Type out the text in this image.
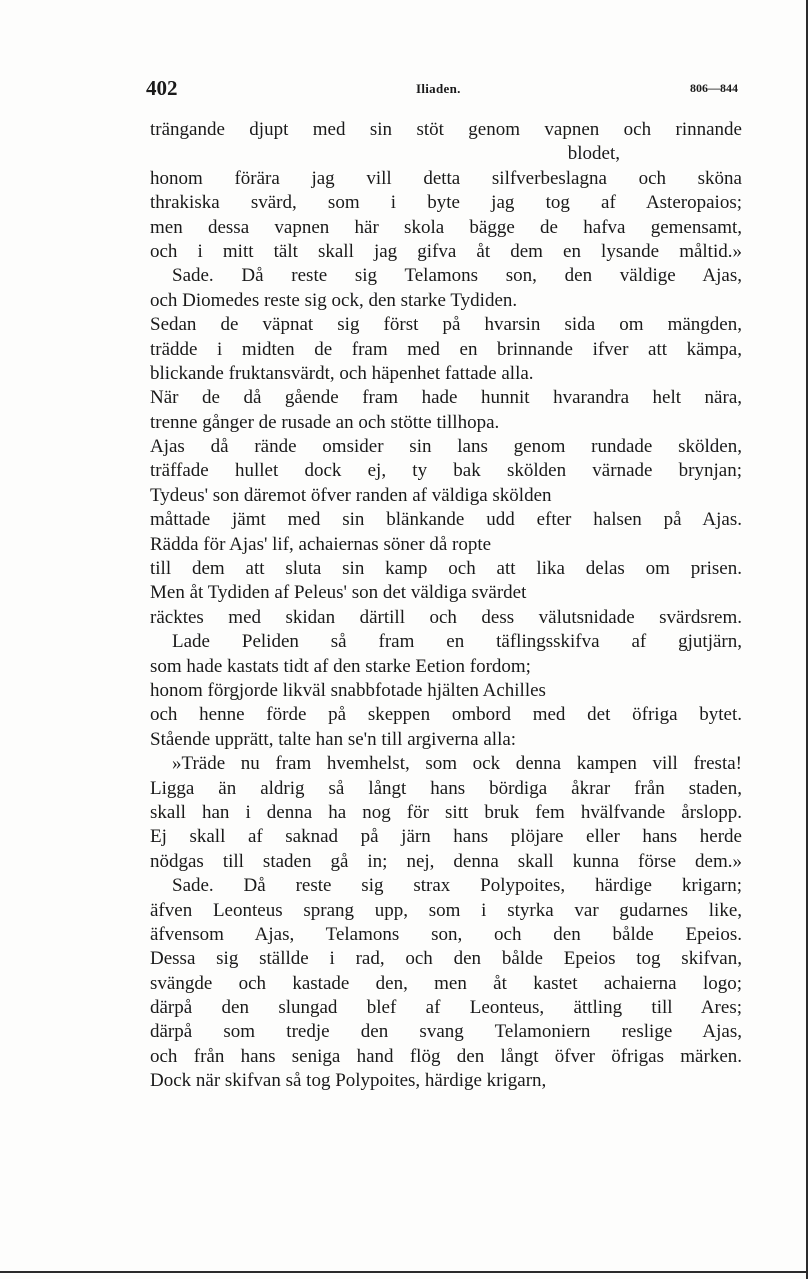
402	Iliaden.	806—844
trängande djupt med sin stöt genom vapnen och rinnande
blodet,
honom förära jag vill detta silfverbeslagna och sköna
thrakiska svärd, som i byte jag tog af Asteropaios;
men dessa vapnen här skola bägge de hafva gemensamt,
och i mitt tält skall jag gifva åt dem en lysande måltid.»
Sade. Då reste sig Telamons son, den väldige Ajas,
och Diomedes reste sig ock, den starke Tydiden.
Sedan de väpnat sig först på hvarsin sida om mängden,
trädde i midten de fram med en brinnande ifver att kämpa,
blickande fruktansvärdt, och häpenhet fattade alla.
När de då gående fram hade hunnit hvarandra helt nära,
trenne gånger de rusade an och stötte tillhopa.
Ajas då rände omsider sin lans genom rundade skölden,
träffade hullet dock ej, ty bak skölden värnade brynjan;
Tydeus' son däremot öfver randen af väldiga skölden
måttade jämt med sin blänkande udd efter halsen på Ajas.
Rädda för Ajas' lif, achaiernas söner då ropte
till dem att sluta sin kamp och att lika delas om prisen.
Men åt Tydiden af Peleus' son det väldiga svärdet
räcktes med skidan därtill och dess välutsnidade svärdsrem.
Lade Peliden så fram en täflingsskifva af gjutjärn,
som hade kastats tidt af den starke Eetion fordom;
honom förgjorde likväl snabbfotade hjälten Achilles
och henne förde på skeppen ombord med det öfriga bytet.
Stående upprätt, talte han se'n till argiverna alla:
»Träde nu fram hvemhelst, som ock denna kampen vill fresta!
Ligga än aldrig så långt hans bördiga åkrar från staden,
skall han i denna ha nog för sitt bruk fem hvälfvande årslopp.
Ej skall af saknad på järn hans plöjare eller hans herde
nödgas till staden gå in; nej, denna skall kunna förse dem.»
Sade. Då reste sig strax Polypoites, härdige krigarn;
äfven Leonteus sprang upp, som i styrka var gudarnes like,
äfvensom Ajas, Telamons son, och den bålde Epeios.
Dessa sig ställde i rad, och den bålde Epeios tog skifvan,
svängde och kastade den, men åt kastet achaierna logo;
därpå den slungad blef af Leonteus, ättling till Ares;
därpå som tredje den svang Telamoniern reslige Ajas,
och från hans seniga hand flög den långt öfver öfrigas märken.
Dock när skifvan så tog Polypoites, härdige krigarn,
